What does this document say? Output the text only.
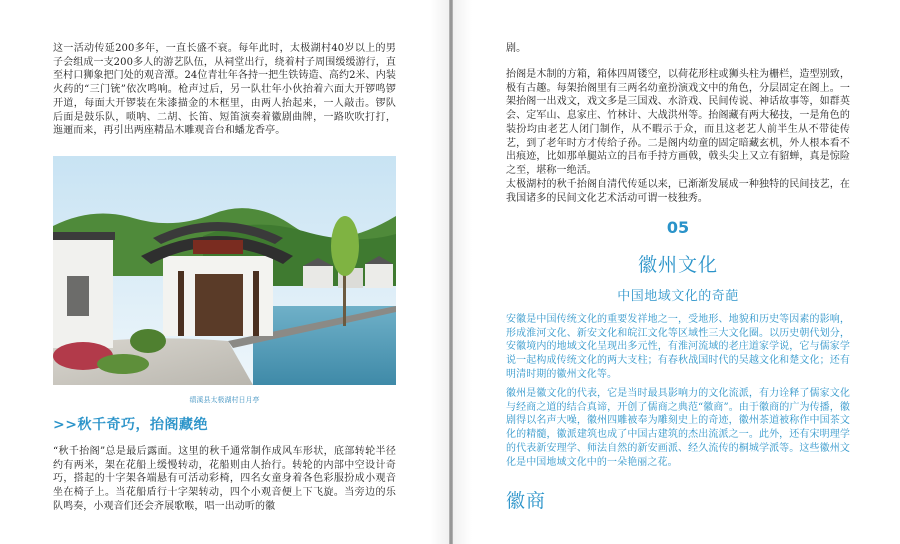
这一活动传延200多年，一直长盛不衰。每年此时，太极湖村40岁以上的男子会组成一支200多人的游艺队伍，从祠堂出行，绕着村子周围缓缓游行，直至村口狮象把门处的观音潭。24位青壮年各持一把生铁铸造、高约2米、内装火药的“三门铳”依次鸣响。枪声过后，另一队壮年小伙抬着六面大开锣鸣锣开道，每面大开锣装在朱漆描金的木框里，由两人抬起来，一人敲击。锣队后面是鼓乐队，唢呐、二胡、长笛、短笛演奏着徽剧曲牌，一路吹吹打打，迤逦而来，再引出两座精品木雕观音台和蟠龙香亭。

绩溪县太极湖村日月亭
>>秋千奇巧，抬阁藏绝

“秋千抬阁”总是最后露面。这里的秋千通常制作成风车形状，底部转轮半径约有两米，架在花船上缓慢转动，花船则由人抬行。转轮的内部中空设计奇巧，搭起的十字架各端悬有可活动彩椅，四名女童身着各色彩服扮成小观音坐在椅子上。当花船盾行十字架转动，四个小观音便上下飞旋。当旁边的乐队鸣奏，小观音们还会齐展歌喉，唱一出动听的徽

剧。

抬阁是木制的方箱，箱体四周镂空，以荷花形柱或狮头柱为栅栏，造型别致，极有古趣。每架抬阁里有三两名幼童扮演戏文中的角色，分层固定在阁上。一架抬阁一出戏文，戏文多是三国戏、水浒戏、民间传说、神话故事等，如群英会、定军山、息家庄、竹林计、大战洪州等。抬阁藏有两大秘技，一是角色的装扮均由老艺人闭门制作，从不暇示于众，而且这老艺人前半生从不带徒传艺，到了老年时方才传给子孙。二是阁内幼童的固定暗藏玄机，外人根本看不出痕迹，比如那单腿站立的吕布手持方画戟，戟头尖上又立有貂蝉，真是惊险之至，堪称一绝活。

太极湖村的秋千抬阁自清代传延以来，已渐渐发展成一种独特的民间技艺，在我国诸多的民间文化艺术活动可谓一枝独秀。

05
徽州文化
中国地域文化的奇葩

安徽是中国传统文化的重要发祥地之一，受地形、地貌和历史等因素的影响，形成淮河文化、新安文化和皖江文化等区域性三大文化圈。以历史朝代划分，安徽境内的地域文化呈现出多元性，有淮河流域的老庄道家学说，它与儒家学说一起构成传统文化的两大支柱；有春秋战国时代的吴越文化和楚文化；还有明清时期的徽州文化等。

徽州是徽文化的代表，它是当时最具影响力的文化流派，有力诠释了儒家文化与经商之道的结合真谛，开创了儒商之典范“徽商”。由于徽商的广为传播，徽剧得以名声大噪，徽州四雕被奉为雕刻史上的奇迹，徽州茶道被称作中国茶文化的精髓，徽派建筑也成了中国古建筑的杰出流派之一。此外，还有宋明理学的代表新安理学、师法自然的新安画派、经久流传的桐城学派等。这些徽州文化是中国地域文化中的一朵艳丽之花。

徽商
